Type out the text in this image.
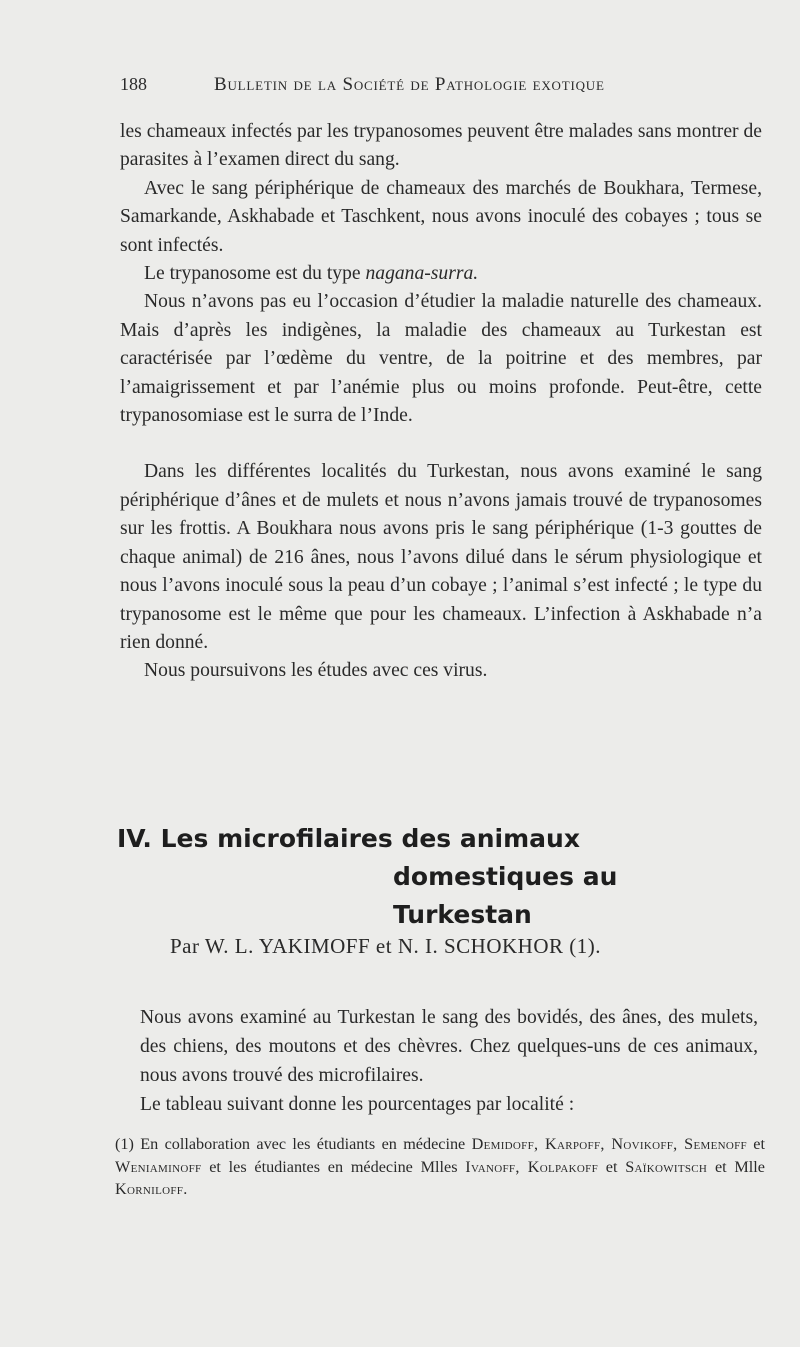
188	Bulletin de la Société de Pathologie exotique

les chameaux infectés par les trypanosomes peuvent être malades sans montrer de parasites à l’examen direct du sang.

Avec le sang périphérique de chameaux des marchés de Boukhara, Termese, Samarkande, Askhabade et Taschkent, nous avons inoculé des cobayes ; tous se sont infectés.

Le trypanosome est du type nagana-surra.

Nous n’avons pas eu l’occasion d’étudier la maladie naturelle des chameaux. Mais d’après les indigènes, la maladie des chameaux au Turkestan est caractérisée par l’œdème du ventre, de la poitrine et des membres, par l’amaigrissement et par l’anémie plus ou moins profonde. Peut-être, cette trypanosomiase est le surra de l’Inde.

Dans les différentes localités du Turkestan, nous avons examiné le sang périphérique d’ânes et de mulets et nous n’avons jamais trouvé de trypanosomes sur les frottis. A Boukhara nous avons pris le sang périphérique (1-3 gouttes de chaque animal) de 216 ânes, nous l’avons dilué dans le sérum physiologique et nous l’avons inoculé sous la peau d’un cobaye ; l’animal s’est infecté ; le type du trypanosome est le même que pour les chameaux. L’infection à Askhabade n’a rien donné.

Nous poursuivons les études avec ces virus.

IV. Les microfilaires des animaux
domestiques au Turkestan
Par W. L. YAKIMOFF et N. I. SCHOKHOR (1).

Nous avons examiné au Turkestan le sang des bovidés, des ânes, des mulets, des chiens, des moutons et des chèvres. Chez quelques-uns de ces animaux, nous avons trouvé des microfilaires.

Le tableau suivant donne les pourcentages par localité :

(1) En collaboration avec les étudiants en médecine Demidoff, Karpoff, Novikoff, Semenoff et Weniaminoff et les étudiantes en médecine Mlles Ivanoff, Kolpakoff et Saïkowitsch et Mlle Korniloff.
